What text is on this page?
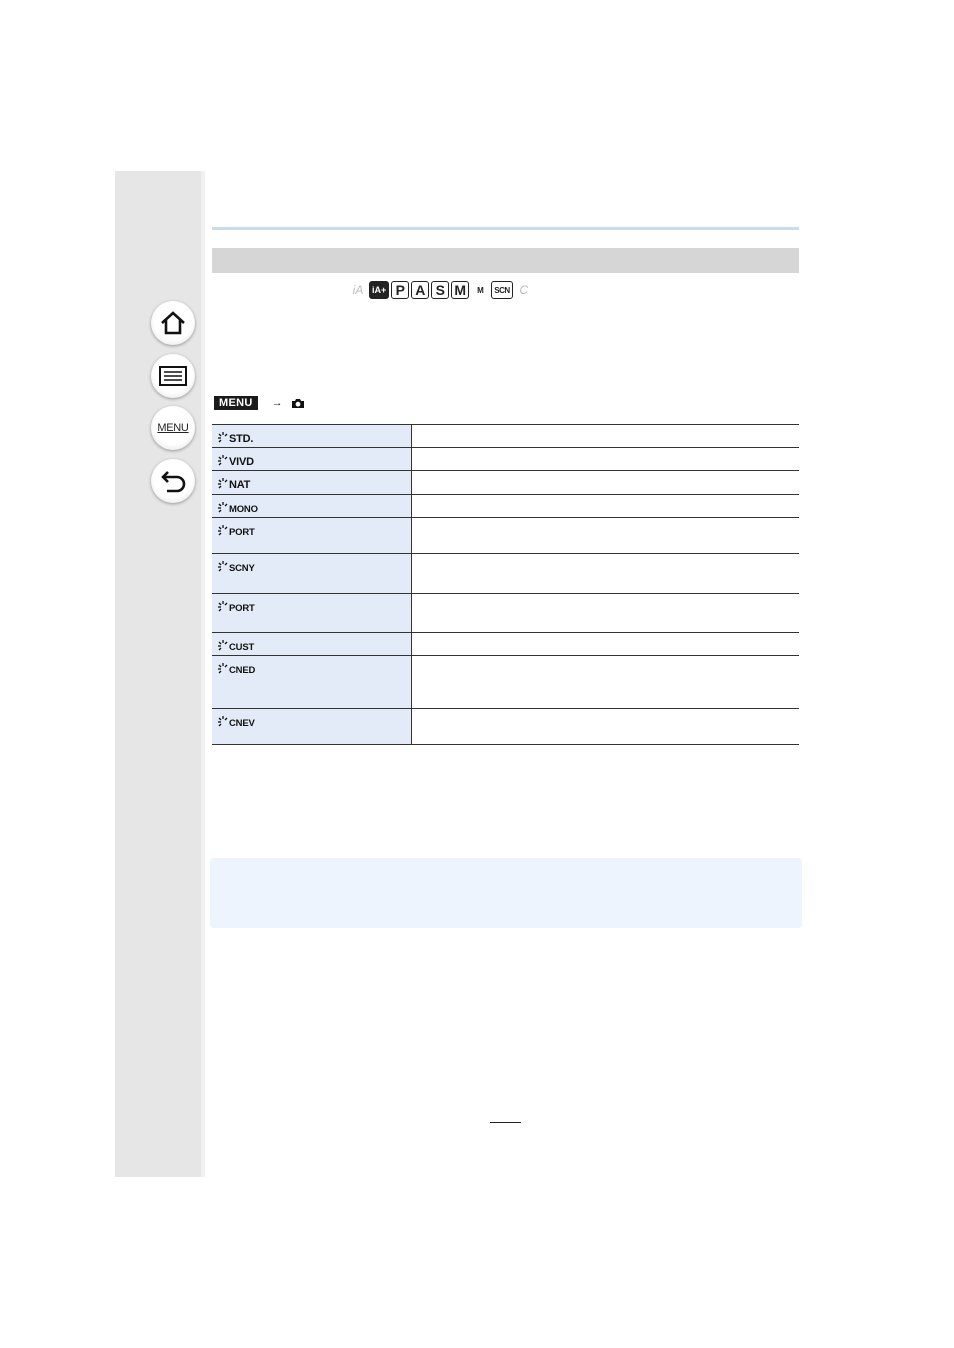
MENU
iA iA+ P A S M	M	SCN C
MENU	→
STD.	

VIVD	

NAT	

MONO	

PORT	

SCNY	

PORT	

CUST	

CNED	

CNEV	
